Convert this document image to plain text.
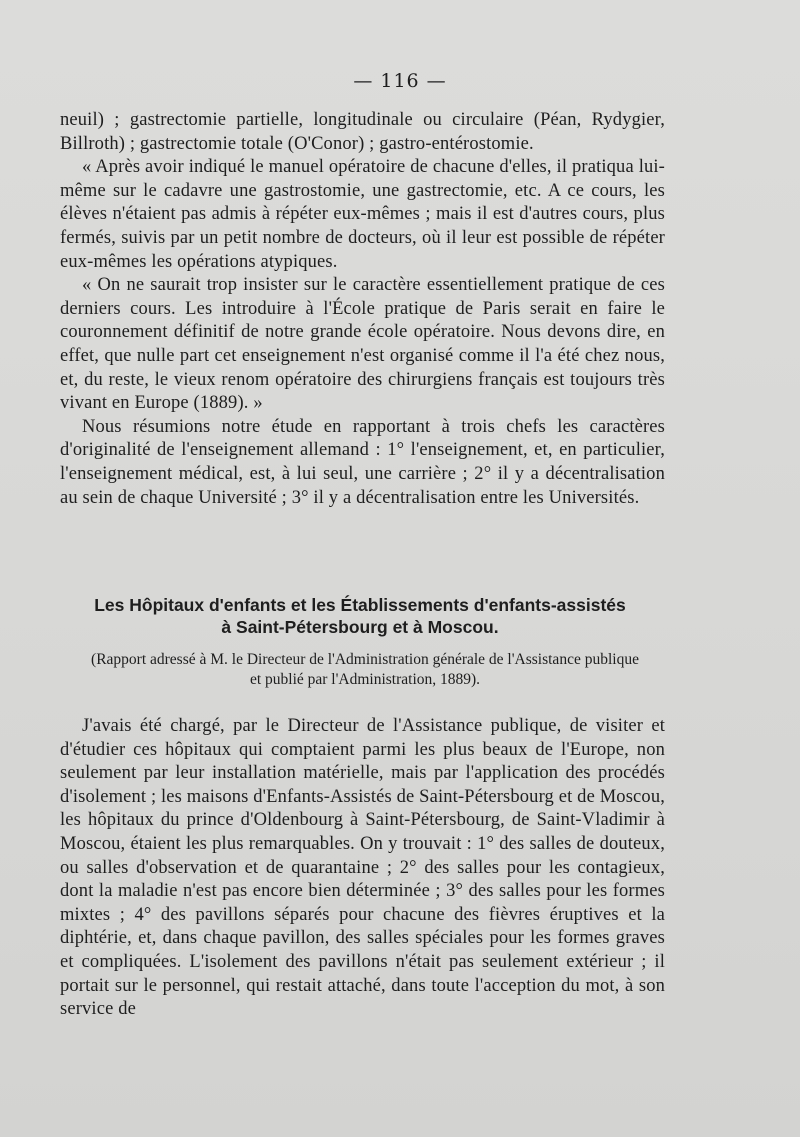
— 116 —

neuil) ; gastrectomie partielle, longitudinale ou circulaire (Péan, Rydygier, Billroth) ; gastrectomie totale (O'Conor) ; gastro-entérostomie.

« Après avoir indiqué le manuel opératoire de chacune d'elles, il pratiqua lui-même sur le cadavre une gastrostomie, une gastrectomie, etc. A ce cours, les élèves n'étaient pas admis à répéter eux-mêmes ; mais il est d'autres cours, plus fermés, suivis par un petit nombre de docteurs, où il leur est possible de répéter eux-mêmes les opérations atypiques.

« On ne saurait trop insister sur le caractère essentiellement pratique de ces derniers cours. Les introduire à l'École pratique de Paris serait en faire le couronnement définitif de notre grande école opératoire. Nous devons dire, en effet, que nulle part cet enseignement n'est organisé comme il l'a été chez nous, et, du reste, le vieux renom opératoire des chirurgiens français est toujours très vivant en Europe (1889). »

Nous résumions notre étude en rapportant à trois chefs les caractères d'originalité de l'enseignement allemand : 1° l'enseignement, et, en particulier, l'enseignement médical, est, à lui seul, une carrière ; 2° il y a décentralisation au sein de chaque Université ; 3° il y a décentralisation entre les Universités.

Les Hôpitaux d'enfants et les Établissements d'enfants-assistés
à Saint-Pétersbourg et à Moscou.
(Rapport adressé à M. le Directeur de l'Administration générale de l'Assistance publique
et publié par l'Administration, 1889).

J'avais été chargé, par le Directeur de l'Assistance publique, de visiter et d'étudier ces hôpitaux qui comptaient parmi les plus beaux de l'Europe, non seulement par leur installation matérielle, mais par l'application des procédés d'isolement ; les maisons d'Enfants-Assistés de Saint-Pétersbourg et de Moscou, les hôpitaux du prince d'Oldenbourg à Saint-Pétersbourg, de Saint-Vladimir à Moscou, étaient les plus remarquables. On y trouvait : 1° des salles de douteux, ou salles d'observation et de quarantaine ; 2° des salles pour les contagieux, dont la maladie n'est pas encore bien déterminée ; 3° des salles pour les formes mixtes ; 4° des pavillons séparés pour chacune des fièvres éruptives et la diphtérie, et, dans chaque pavillon, des salles spéciales pour les formes graves et compliquées. L'isolement des pavillons n'était pas seulement extérieur ; il portait sur le personnel, qui restait attaché, dans toute l'acception du mot, à son service de
